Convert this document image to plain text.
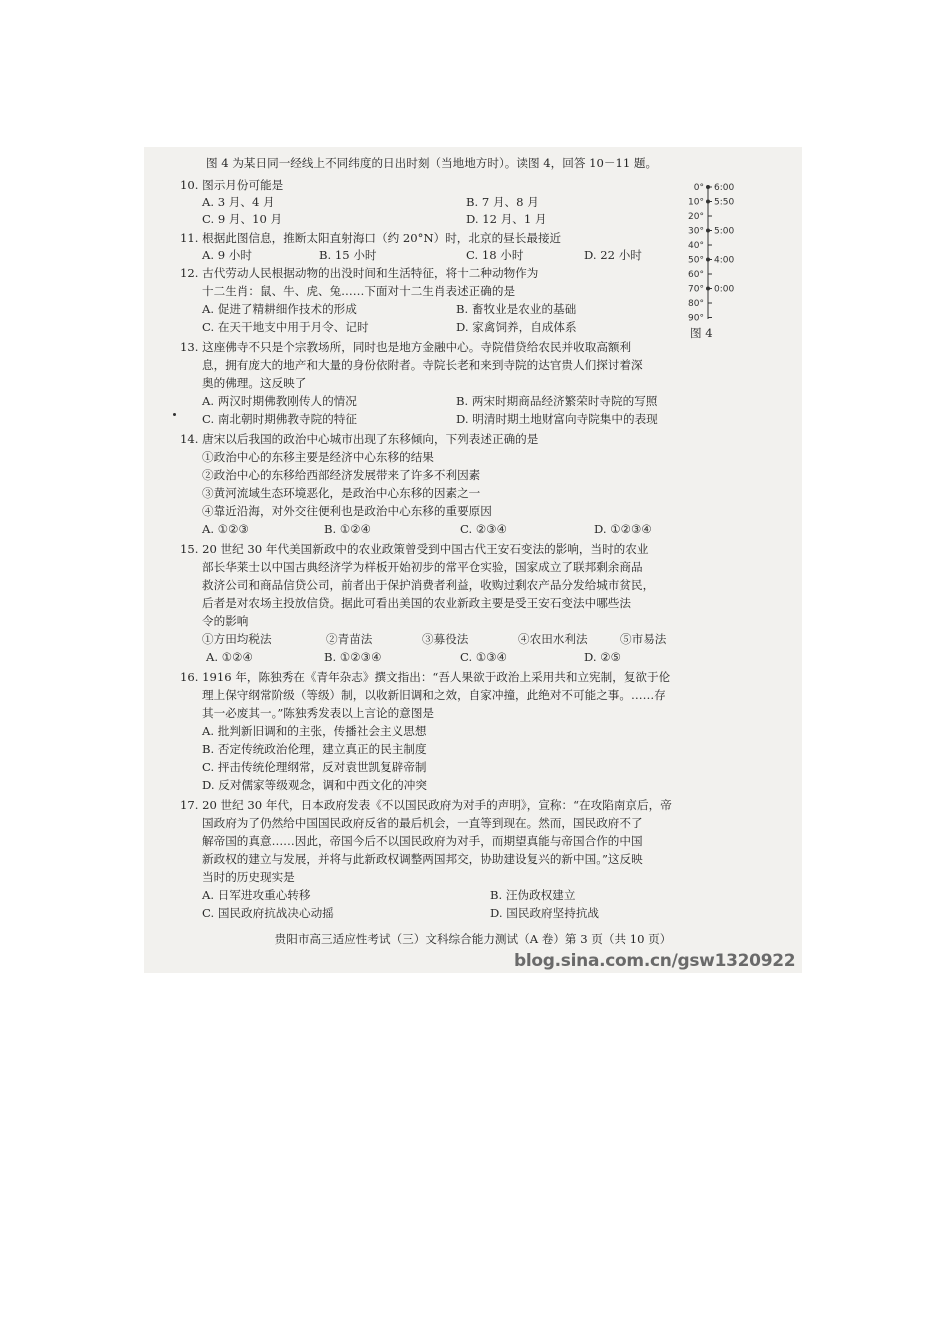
图 4 为某日同一经线上不同纬度的日出时刻（当地地方时）。读图 4，回答 10－11 题。
0°
10°
20°
30°
40°
50°
60°
70°
80°
90°
6:00
5:50
5:00
4:00
0:00
图 4
10. 图示月份可能是
A. 3 月、4 月	B. 7 月、8 月
C. 9 月、10 月	D. 12 月、1 月
11. 根据此图信息，推断太阳直射海口（约 20°N）时，北京的昼长最接近
A. 9 小时	B. 15 小时	C. 18 小时	D. 22 小时
12. 古代劳动人民根据动物的出没时间和生活特征，将十二种动物作为
十二生肖：鼠、牛、虎、兔……下面对十二生肖表述正确的是
A. 促进了精耕细作技术的形成	B. 畜牧业是农业的基础
C. 在天干地支中用于月令、记时	D. 家禽饲养，自成体系
13. 这座佛寺不只是个宗教场所，同时也是地方金融中心。寺院借贷给农民并收取高额利
息，拥有庞大的地产和大量的身份依附者。寺院长老和来到寺院的达官贵人们探讨着深
奥的佛理。这反映了
A. 两汉时期佛教刚传人的情况	B. 两宋时期商品经济繁荣时寺院的写照
C. 南北朝时期佛教寺院的特征	D. 明清时期土地财富向寺院集中的表现
14. 唐宋以后我国的政治中心城市出现了东移倾向，下列表述正确的是
①政治中心的东移主要是经济中心东移的结果
②政治中心的东移给西部经济发展带来了许多不利因素
③黄河流域生态环境恶化，是政治中心东移的因素之一
④靠近沿海，对外交往便利也是政治中心东移的重要原因
A. ①②③	B. ①②④	C. ②③④	D. ①②③④
15. 20 世纪 30 年代美国新政中的农业政策曾受到中国古代王安石变法的影响，当时的农业
部长华莱士以中国古典经济学为样板开始初步的常平仓实验，国家成立了联邦剩余商品
救济公司和商品信贷公司，前者出于保护消费者利益，收购过剩农产品分发给城市贫民，
后者是对农场主投放信贷。据此可看出美国的农业新政主要是受王安石变法中哪些法
令的影响
①方田均税法	②青苗法	③募役法	④农田水利法	⑤市易法
A. ①②④	B. ①②③④	C. ①③④	D. ②⑤
16. 1916 年，陈独秀在《青年杂志》撰文指出：“吾人果欲于政治上采用共和立宪制，复欲于伦
理上保守纲常阶级（等级）制，以收新旧调和之效，自家冲撞，此绝对不可能之事。……存
其一必废其一。”陈独秀发表以上言论的意图是
A. 批判新旧调和的主张，传播社会主义思想
B. 否定传统政治伦理，建立真正的民主制度
C. 抨击传统伦理纲常，反对袁世凯复辟帝制
D. 反对儒家等级观念，调和中西文化的冲突
17. 20 世纪 30 年代，日本政府发表《不以国民政府为对手的声明》，宣称：“在攻陷南京后，帝
国政府为了仍然给中国国民政府反省的最后机会，一直等到现在。然而，国民政府不了
解帝国的真意……因此，帝国今后不以国民政府为对手，而期望真能与帝国合作的中国
新政权的建立与发展，并将与此新政权调整两国邦交，协助建设复兴的新中国。”这反映
当时的历史现实是
A. 日军进攻重心转移	B. 汪伪政权建立
C. 国民政府抗战决心动摇	D. 国民政府坚持抗战
贵阳市高三适应性考试（三）文科综合能力测试（A 卷）第 3 页（共 10 页）
blog.sina.com.cn/gsw1320922
